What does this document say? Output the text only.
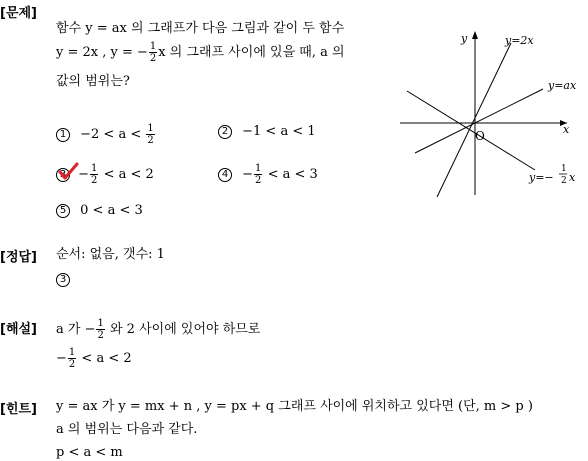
[문제]
함수 y = ax 의 그래프가 다음 그림과 같이 두 함수
y = 2x , y = − $\frac{1}{2}$ x 의 그래프 사이에 있을 때, a 의
값의 범위는?
$1 -2 < a < \frac{1}{2}$	2 −1 < a < 1
$3 - \frac{1}{2} < a < 2$	$4 - \frac{1}{2} < a < 3$
5 0 < a < 3
y
x
O
y=2x
y=ax
y=−
1
2 x
[정답] 순서: 없음, 갯수: 1
3
[해설] a 가 − $\frac{1}{2}$ 와 2 사이에 있어야 하므로
− $\frac{1}{2} < a < 2$
[힌트] y = ax 가 y = mx + n , y = px + q 그래프 사이에 위치하고 있다면 (단, m > p )
a 의 범위는 다음과 같다.
p < a < m
